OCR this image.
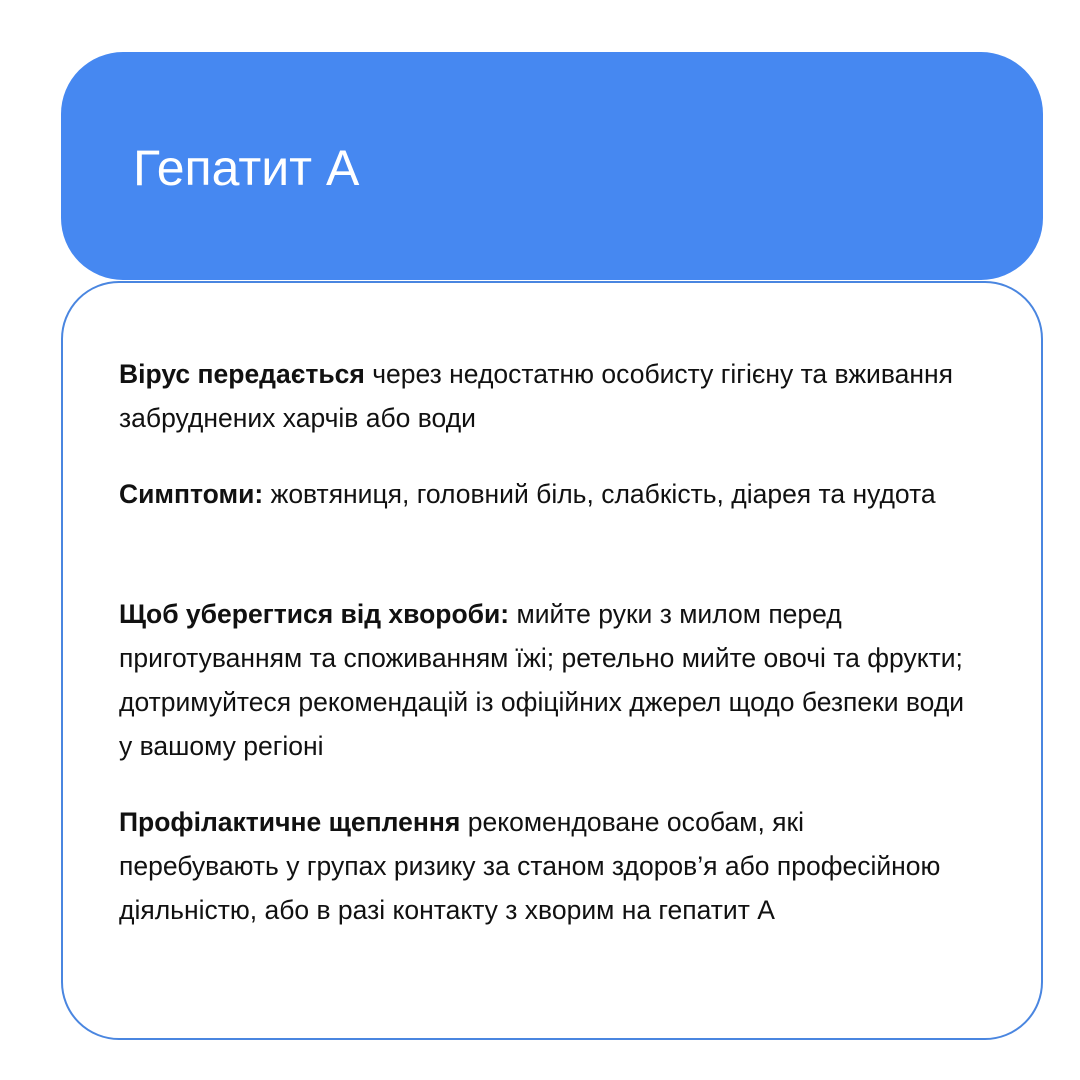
Гепатит А

Вірус передається через недостатню особисту гігієну та вживання забруднених харчів або води

Симптоми: жовтяниця, головний біль, слабкість, діарея та нудота

Щоб уберегтися від хвороби: мийте руки з милом перед приготуванням та споживанням їжі; ретельно мийте овочі та фрукти; дотримуйтеся рекомендацій із офіційних джерел щодо безпеки води у вашому регіоні

Профілактичне щеплення рекомендоване особам, які перебувають у групах ризику за станом здоров’я або професійною діяльністю, або в разі контакту з хворим на гепатит А
